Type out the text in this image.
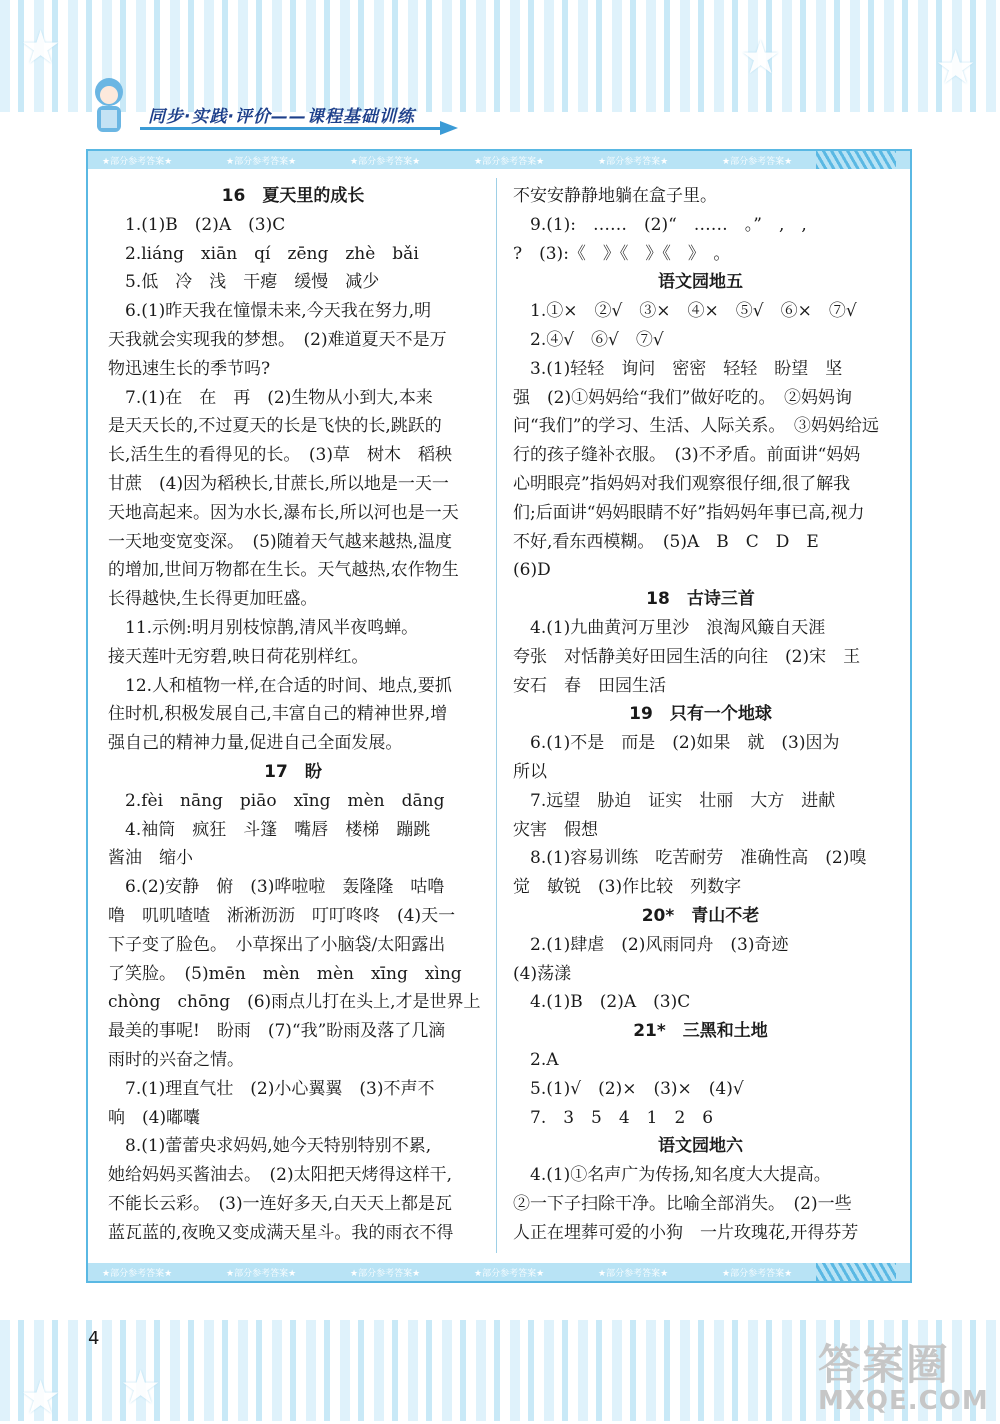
★	★	★
★
★
同步·实践·评价——课程基础训练
★部分参考答案★	★部分参考答案★	★部分参考答案★	★部分参考答案★	★部分参考答案★	★部分参考答案★
★部分参考答案★	★部分参考答案★	★部分参考答案★	★部分参考答案★	★部分参考答案★	★部分参考答案★
16　夏天里的成长
　1.(1)B　(2)A　(3)C
　2.liáng　xiān　qí　zēng　zhè　bǎi
　5.低　冷　浅　干瘪　缓慢　减少
　6.(1)昨天我在憧憬未来,今天我在努力,明
天我就会实现我的梦想。　(2)难道夏天不是万
物迅速生长的季节吗?
　7.(1)在　在　再　(2)生物从小到大,本来
是天天长的,不过夏天的长是飞快的长,跳跃的
长,活生生的看得见的长。　(3)草　树木　稻秧
甘蔗　(4)因为稻秧长,甘蔗长,所以地是一天一
天地高起来。因为水长,瀑布长,所以河也是一天
一天地变宽变深。　(5)随着天气越来越热,温度
的增加,世间万物都在生长。天气越热,农作物生
长得越快,生长得更加旺盛。
　11.示例:明月别枝惊鹊,清风半夜鸣蝉。
接天莲叶无穷碧,映日荷花别样红。
　12.人和植物一样,在合适的时间、地点,要抓
住时机,积极发展自己,丰富自己的精神世界,增
强自己的精神力量,促进自己全面发展。
17　盼
　2.fèi　nāng　piāo　xīng　mèn　dāng
　4.袖筒　疯狂　斗篷　嘴唇　楼梯　蹦跳
酱油　缩小
　6.(2)安静　俯　(3)哗啦啦　轰隆隆　咕噜
噜　叽叽喳喳　淅淅沥沥　叮叮咚咚　(4)天一
下子变了脸色。　小草探出了小脑袋/太阳露出
了笑脸。　(5)mēn　mèn　mèn　xīng　xìng
chòng　chōng　(6)雨点儿打在头上,才是世界上
最美的事呢!　盼雨　(7)“我”盼雨及落了几滴
雨时的兴奋之情。
　7.(1)理直气壮　(2)小心翼翼　(3)不声不
响　(4)嘟囔
　8.(1)蕾蕾央求妈妈,她今天特别特别不累,
她给妈妈买酱油去。　(2)太阳把天烤得这样干,
不能长云彩。　(3)一连好多天,白天天上都是瓦
蓝瓦蓝的,夜晚又变成满天星斗。我的雨衣不得
不安安静静地躺在盒子里。
　9.(1):　……　(2)“　……　。”　,　,
?　(3):《　》《　》《　》　。
语文园地五
　1.①×　②√　③×　④×　⑤√　⑥×　⑦√
　2.④√　⑥√　⑦√
　3.(1)轻轻　询问　密密　轻轻　盼望　坚
强　(2)①妈妈给“我们”做好吃的。　②妈妈询
问“我们”的学习、生活、人际关系。　③妈妈给远
行的孩子缝补衣服。　(3)不矛盾。前面讲“妈妈
心明眼亮”指妈妈对我们观察很仔细,很了解我
们;后面讲“妈妈眼睛不好”指妈妈年事已高,视力
不好,看东西模糊。　(5)A　B　C　D　E
(6)D
18　古诗三首
　4.(1)九曲黄河万里沙　浪淘风簸自天涯
夸张　对恬静美好田园生活的向往　(2)宋　王
安石　春　田园生活
19　只有一个地球
　6.(1)不是　而是　(2)如果　就　(3)因为
所以
　7.远望　胁迫　证实　壮丽　大方　进献
灾害　假想
　8.(1)容易训练　吃苦耐劳　准确性高　(2)嗅
觉　敏锐　(3)作比较　列数字
20*　青山不老
　2.(1)肆虐　(2)风雨同舟　(3)奇迹
(4)荡漾
　4.(1)B　(2)A　(3)C
21*　三黑和土地
　2.A
　5.(1)√　(2)×　(3)×　(4)√
　7.　3　5　4　1　2　6
语文园地六
　4.(1)①名声广为传扬,知名度大大提高。
②一下子扫除干净。比喻全部消失。　(2)一些
人正在埋葬可爱的小狗　一片玫瑰花,开得芬芳
4
答案圈
MXQE.COM
